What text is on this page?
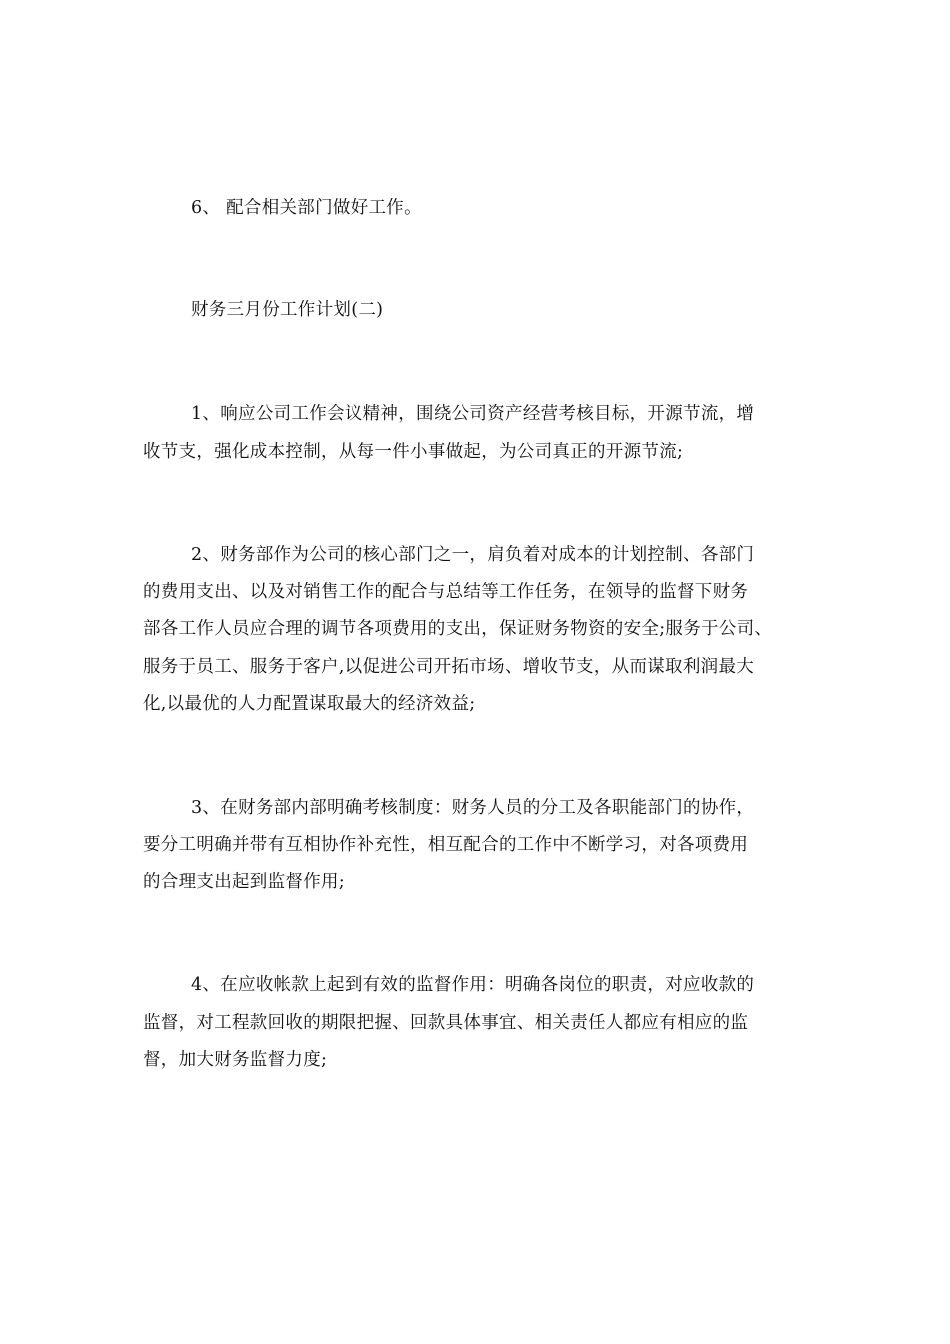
6、 配合相关部门做好工作。
财务三月份工作计划(二)
1、响应公司工作会议精神，围绕公司资产经营考核目标，开源节流，增
收节支，强化成本控制，从每一件小事做起，为公司真正的开源节流;
2、财务部作为公司的核心部门之一，肩负着对成本的计划控制、各部门
的费用支出、以及对销售工作的配合与总结等工作任务，在领导的监督下财务
部各工作人员应合理的调节各项费用的支出，保证财务物资的安全;服务于公司、
服务于员工、服务于客户,以促进公司开拓市场、增收节支，从而谋取利润最大
化,以最优的人力配置谋取最大的经济效益;
3、在财务部内部明确考核制度：财务人员的分工及各职能部门的协作，
要分工明确并带有互相协作补充性，相互配合的工作中不断学习，对各项费用
的合理支出起到监督作用;
4、在应收帐款上起到有效的监督作用：明确各岗位的职责，对应收款的
监督，对工程款回收的期限把握、回款具体事宜、相关责任人都应有相应的监
督，加大财务监督力度;
